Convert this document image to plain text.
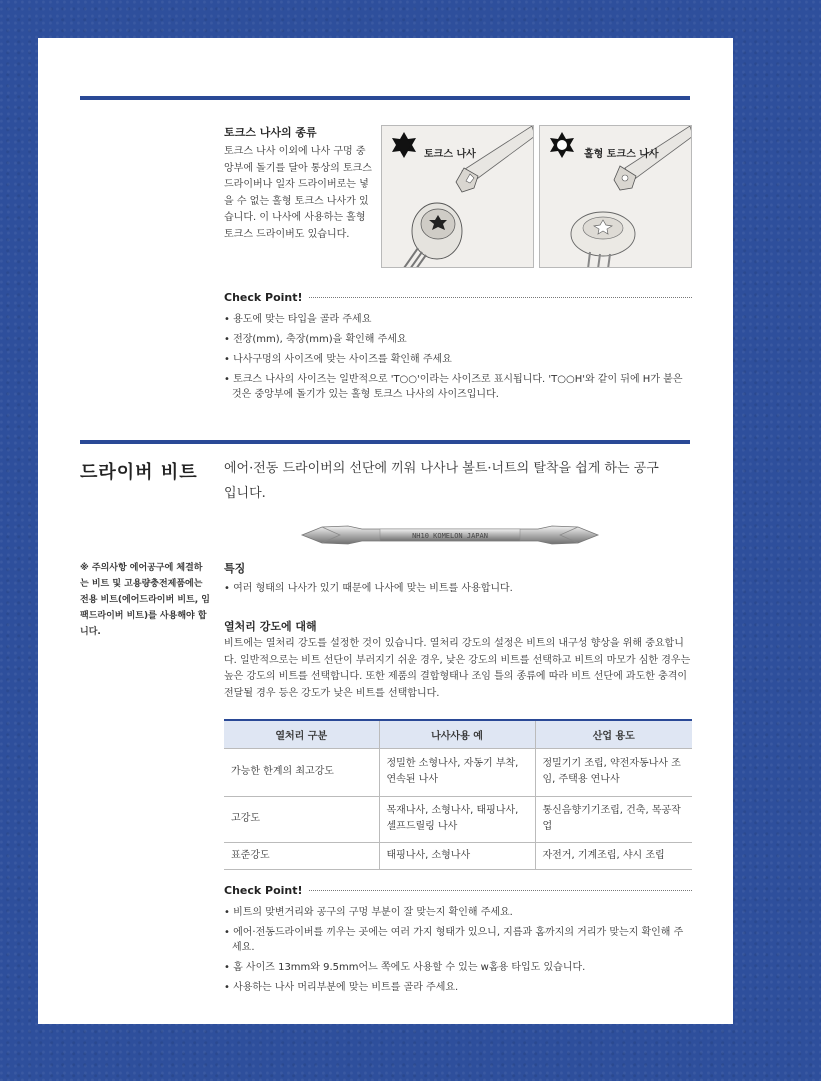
토크스 나사의 종류
토크스 나사 이외에 나사 구멍 중앙부에 돌기를 달아 통상의 토크스 드라이버나 일자 드라이버로는 넣을 수 없는 홀형 토크스 나사가 있습니다. 이 나사에 사용하는 홀형 토크스 드라이버도 있습니다.
토크스 나사	홀형 토크스 나사
Check Point!
• 용도에 맞는 타입을 골라 주세요
• 전장(mm), 축장(mm)을 확인해 주세요
• 나사구멍의 사이즈에 맞는 사이즈를 확인해 주세요
• 토크스 나사의 사이즈는 일반적으로 'T○○'이라는 사이즈로 표시됩니다. 'T○○H'와 같이 뒤에 H가 붙은 것은 중앙부에 돌기가 있는 홀형 토크스 나사의 사이즈입니다.
드라이버 비트 에어·전동 드라이버의 선단에 끼워 나사나 볼트·너트의 탈착을 쉽게 하는 공구입니다.
NH10 KOMELON JAPAN
※ 주의사항 에어공구에 체결하는 비트 및 고용량충전제품에는 전용 비트(에어드라이버 비트, 임팩드라이버 비트)를 사용해야 합니다.
특징
• 여러 형태의 나사가 있기 때문에 나사에 맞는 비트를 사용합니다.
열처리 강도에 대해
비트에는 열처리 강도를 설정한 것이 있습니다. 열처리 강도의 설정은 비트의 내구성 향상을 위해 중요합니다. 일반적으로는 비트 선단이 부러지기 쉬운 경우, 낮은 강도의 비트를 선택하고 비트의 마모가 심한 경우는 높은 강도의 비트를 선택합니다. 또한 제품의 결합형태나 조임 틀의 종류에 따라 비트 선단에 과도한 충격이 전달될 경우 등은 강도가 낮은 비트를 선택합니다.
열처리 구분	나사사용 예	산업 용도
가능한 한계의 최고강도	정밀한 소형나사, 자동기 부착, 연속된 나사	정밀기기 조립, 약전자동나사 조임, 주택용 연나사
고강도	목재나사, 소형나사, 태핑나사, 셀프드릴링 나사	통신음향기기조립, 건축, 목공작업
표준강도	태핑나사, 소형나사	자전거, 기계조립, 샤시 조립
Check Point!
• 비트의 맞변거리와 공구의 구멍 부분이 잘 맞는지 확인해 주세요.
• 에어·전동드라이버를 끼우는 곳에는 여러 가지 형태가 있으니, 지름과 홈까지의 거리가 맞는지 확인해 주세요.
• 홈 사이즈 13mm와 9.5mm어느 쪽에도 사용할 수 있는 w홈용 타입도 있습니다.
• 사용하는 나사 머리부분에 맞는 비트를 골라 주세요.
